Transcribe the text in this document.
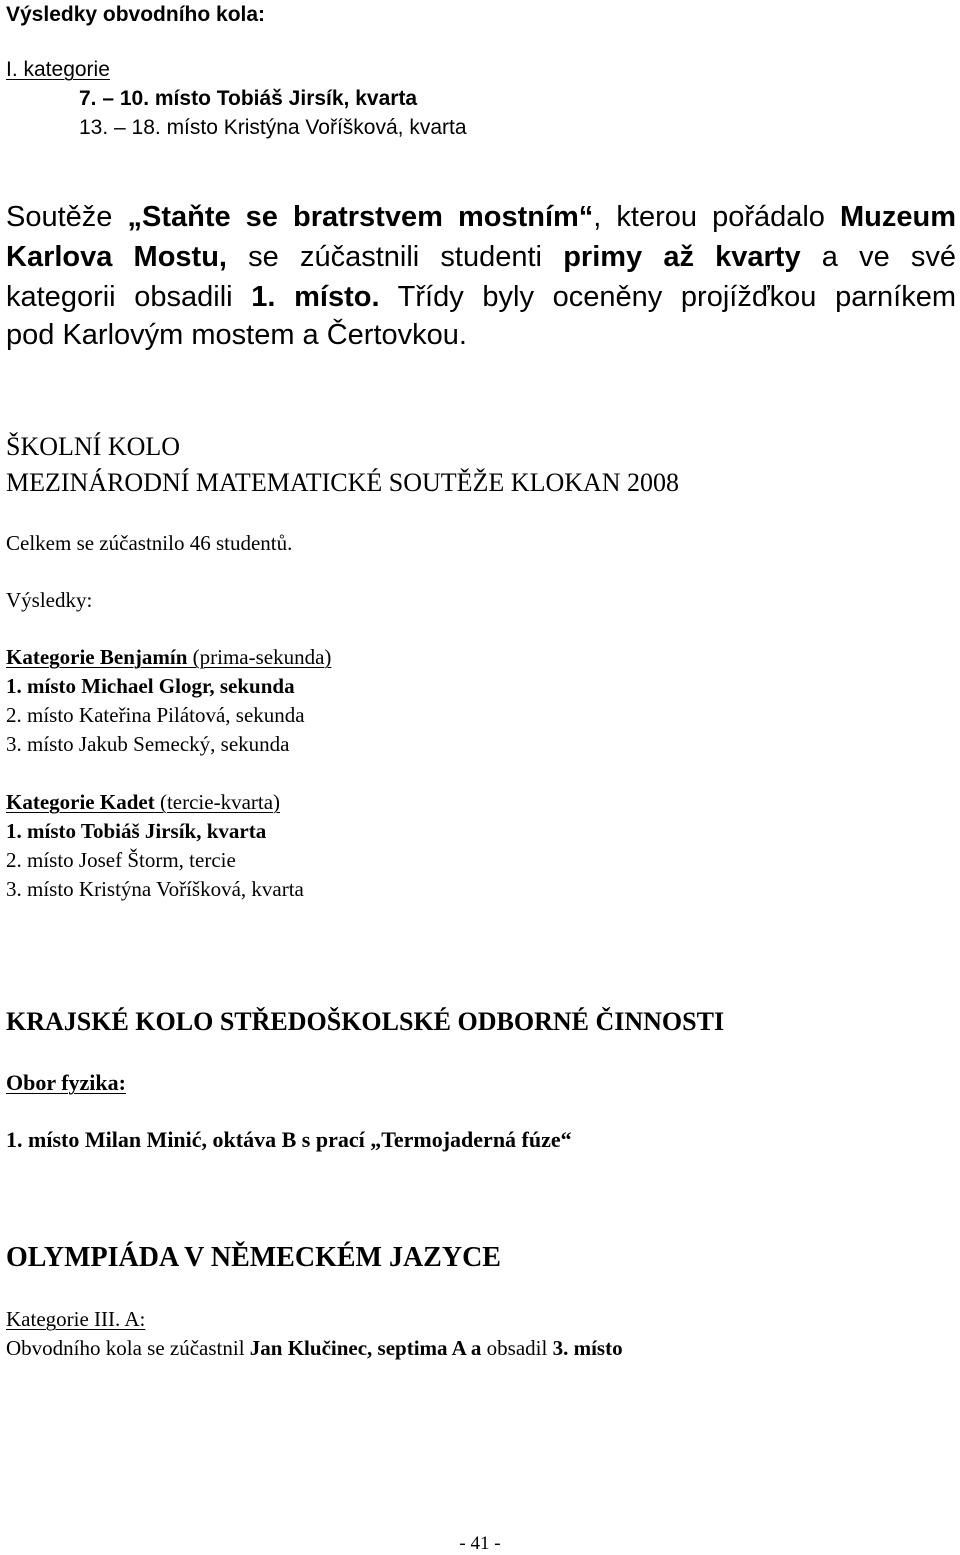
Výsledky obvodního kola:
I. kategorie
7. – 10. místo Tobiáš Jirsík, kvarta
13. – 18. místo Kristýna Voříšková, kvarta
Soutěže „Staňte se bratrstvem mostním“, kterou pořádalo Muzeum
Karlova Mostu, se zúčastnili studenti primy až kvarty a ve své
kategorii obsadili 1. místo. Třídy byly oceněny projížďkou parníkem
pod Karlovým mostem a Čertovkou.
ŠKOLNÍ KOLO
MEZINÁRODNÍ MATEMATICKÉ SOUTĚŽE KLOKAN 2008
Celkem se zúčastnilo 46 studentů.
Výsledky:
Kategorie Benjamín (prima-sekunda)
1. místo Michael Glogr, sekunda
2. místo Kateřina Pilátová, sekunda
3. místo Jakub Semecký, sekunda
Kategorie Kadet (tercie-kvarta)
1. místo Tobiáš Jirsík, kvarta
2. místo Josef Štorm, tercie
3. místo Kristýna Voříšková, kvarta
KRAJSKÉ KOLO STŘEDOŠKOLSKÉ ODBORNÉ ČINNOSTI
Obor fyzika:
1. místo Milan Minić, oktáva B s prací „Termojaderná fúze“
OLYMPIÁDA V NĚMECKÉM JAZYCE
Kategorie III. A:
Obvodního kola se zúčastnil Jan Klučinec, septima A a obsadil 3. místo
- 41 -
